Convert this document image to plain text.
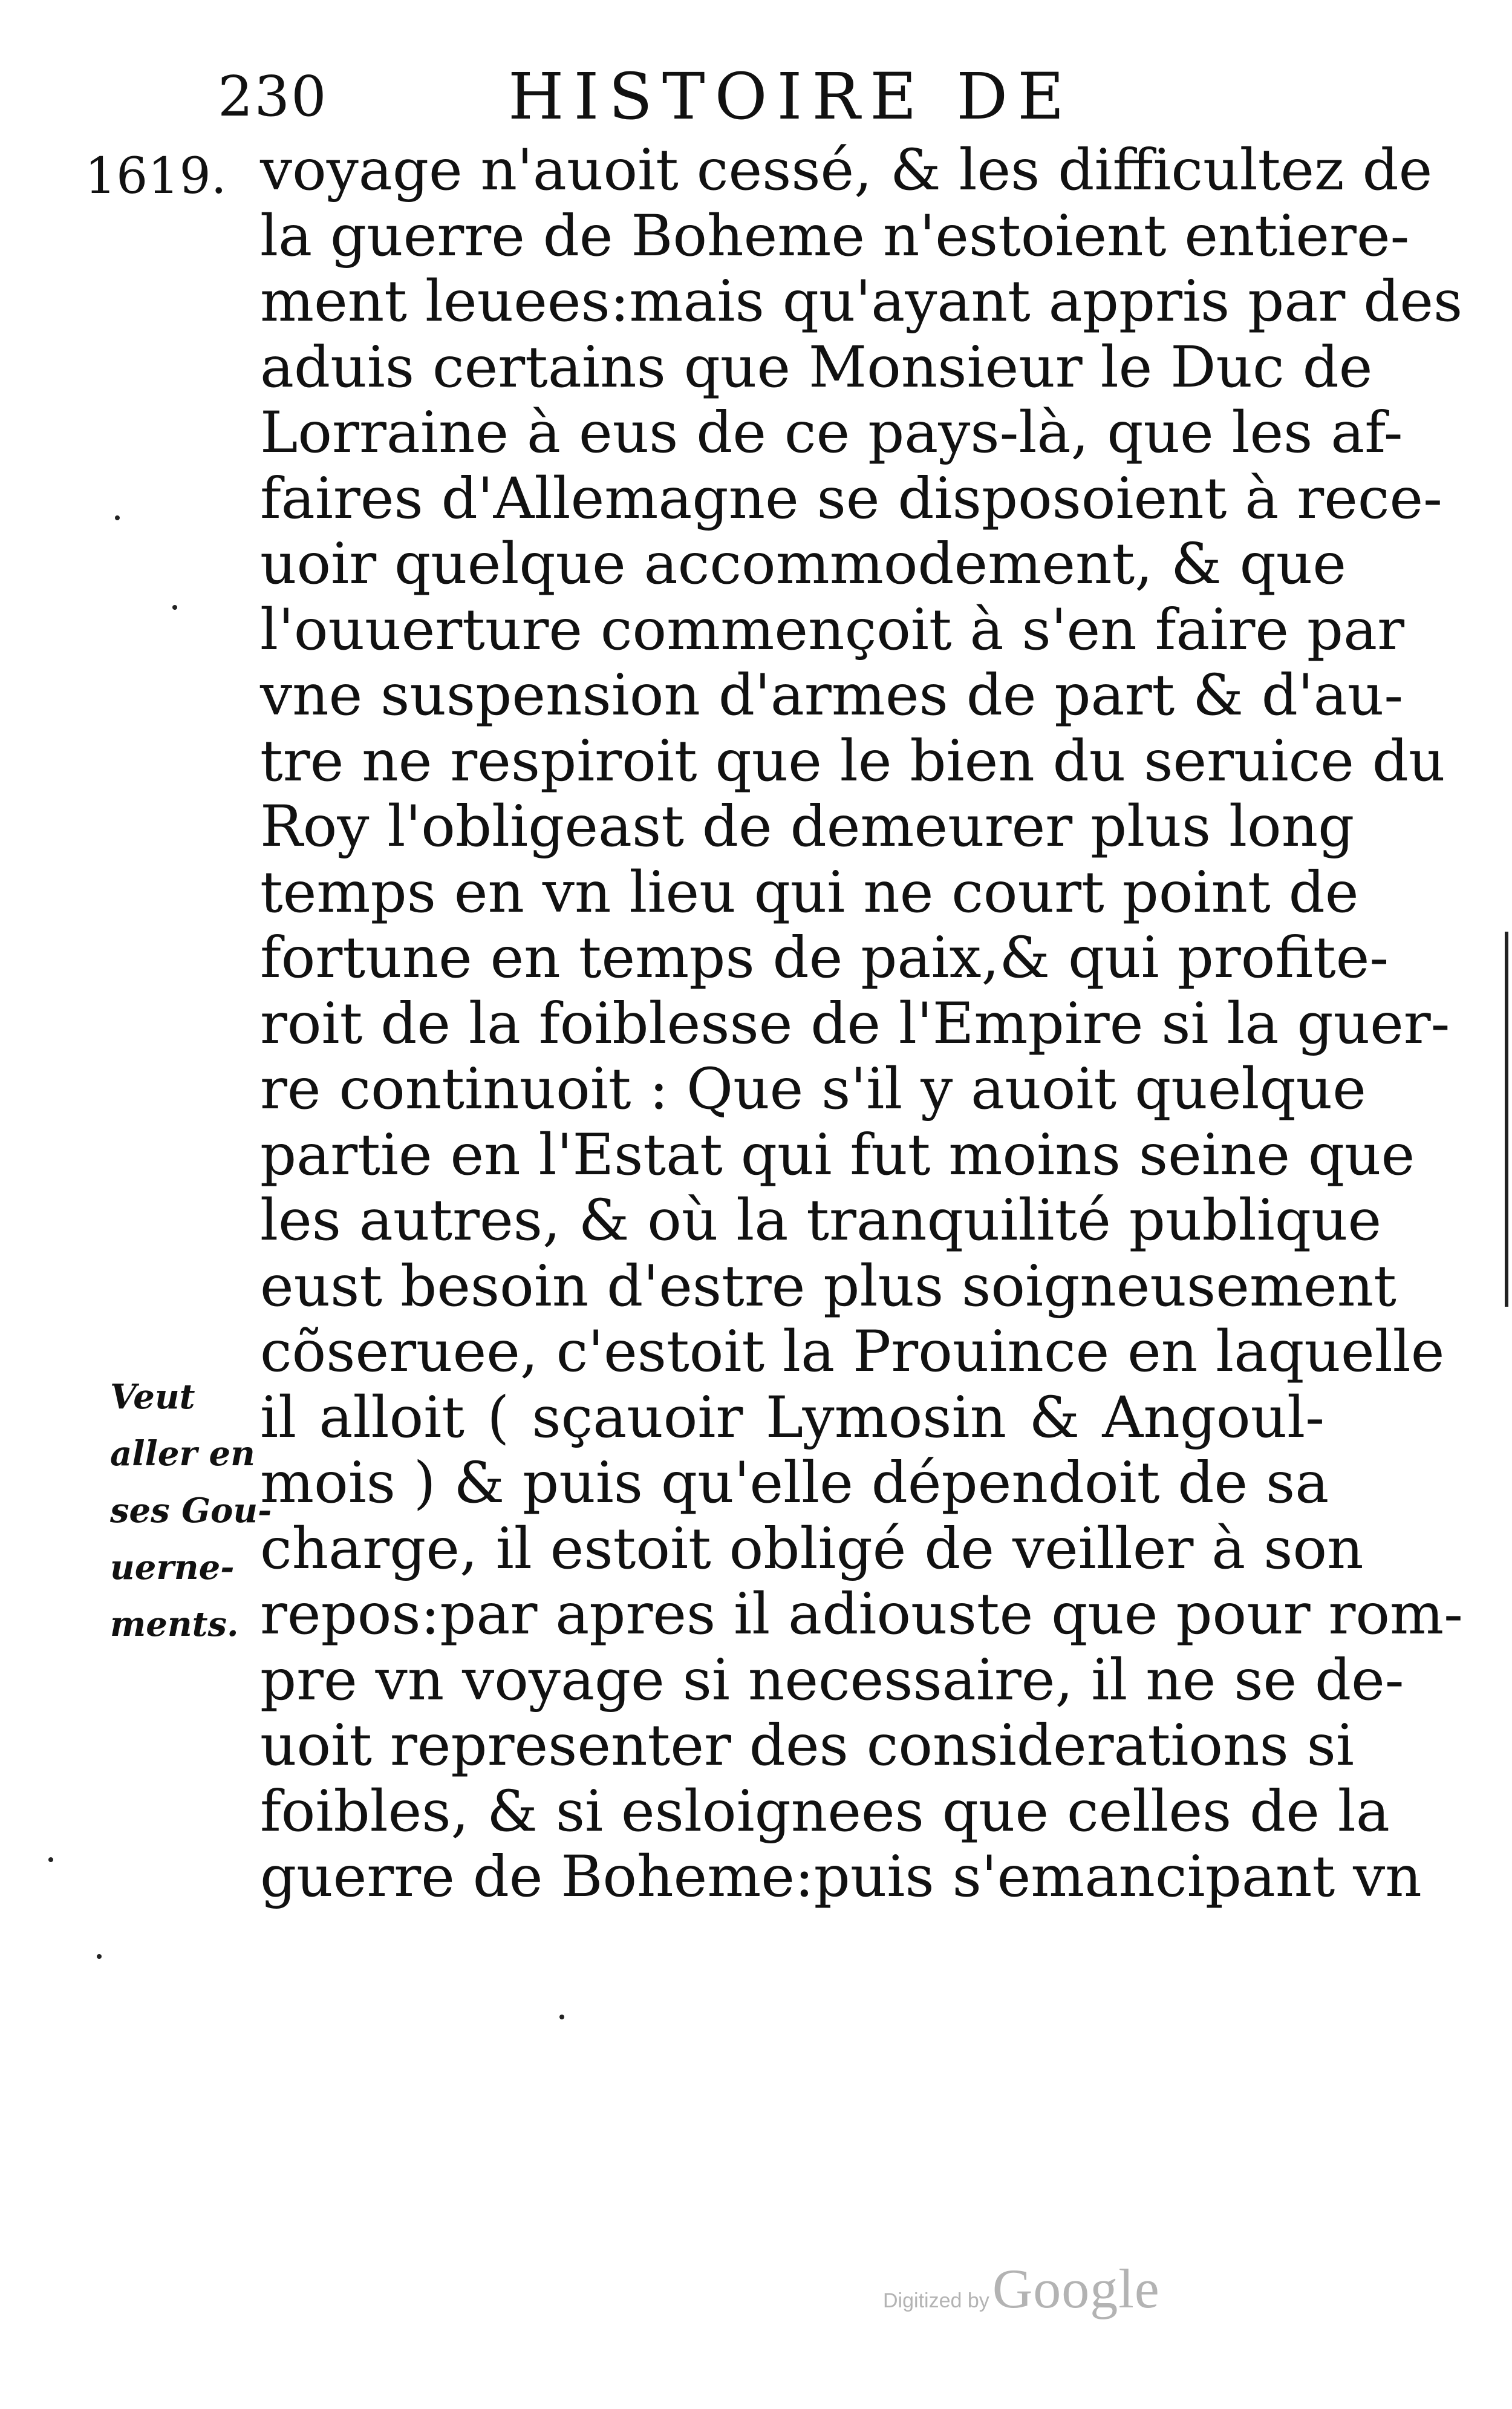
230	HISTOIRE DE
1619. voyage n'auoit cessé, & les difficultez de
la guerre de Boheme n'estoient entiere-
ment leuees:mais qu'ayant appris par des
aduis certains que Monsieur le Duc de
Lorraine à eus de ce pays-là, que les af-
faires d'Allemagne se disposoient à rece-
uoir quelque accommodement, & que
l'ouuerture commençoit à s'en faire par
vne suspension d'armes de part & d'au-
tre ne respiroit que le bien du seruice du
Roy l'obligeast de demeurer plus long
temps en vn lieu qui ne court point de
fortune en temps de paix,& qui profite-
roit de la foiblesse de l'Empire si la guer-
re continuoit : Que s'il y auoit quelque
partie en l'Estat qui fut moins seine que
les autres, & où la tranquilité publique
eust besoin d'estre plus soigneusement
cõseruee, c'estoit la Prouince en laquelle
il alloit ( sçauoir Lymosin & Angoul-
mois ) & puis qu'elle dépendoit de sa
charge, il estoit obligé de veiller à son
repos:par apres il adiouste que pour rom-
pre vn voyage si necessaire, il ne se de-
uoit representer des considerations si
foibles, & si esloignees que celles de la
guerre de Boheme:puis s'emancipant vn
Veut
aller en
ses Gou-
uerne-
ments.
Digitized by Google
